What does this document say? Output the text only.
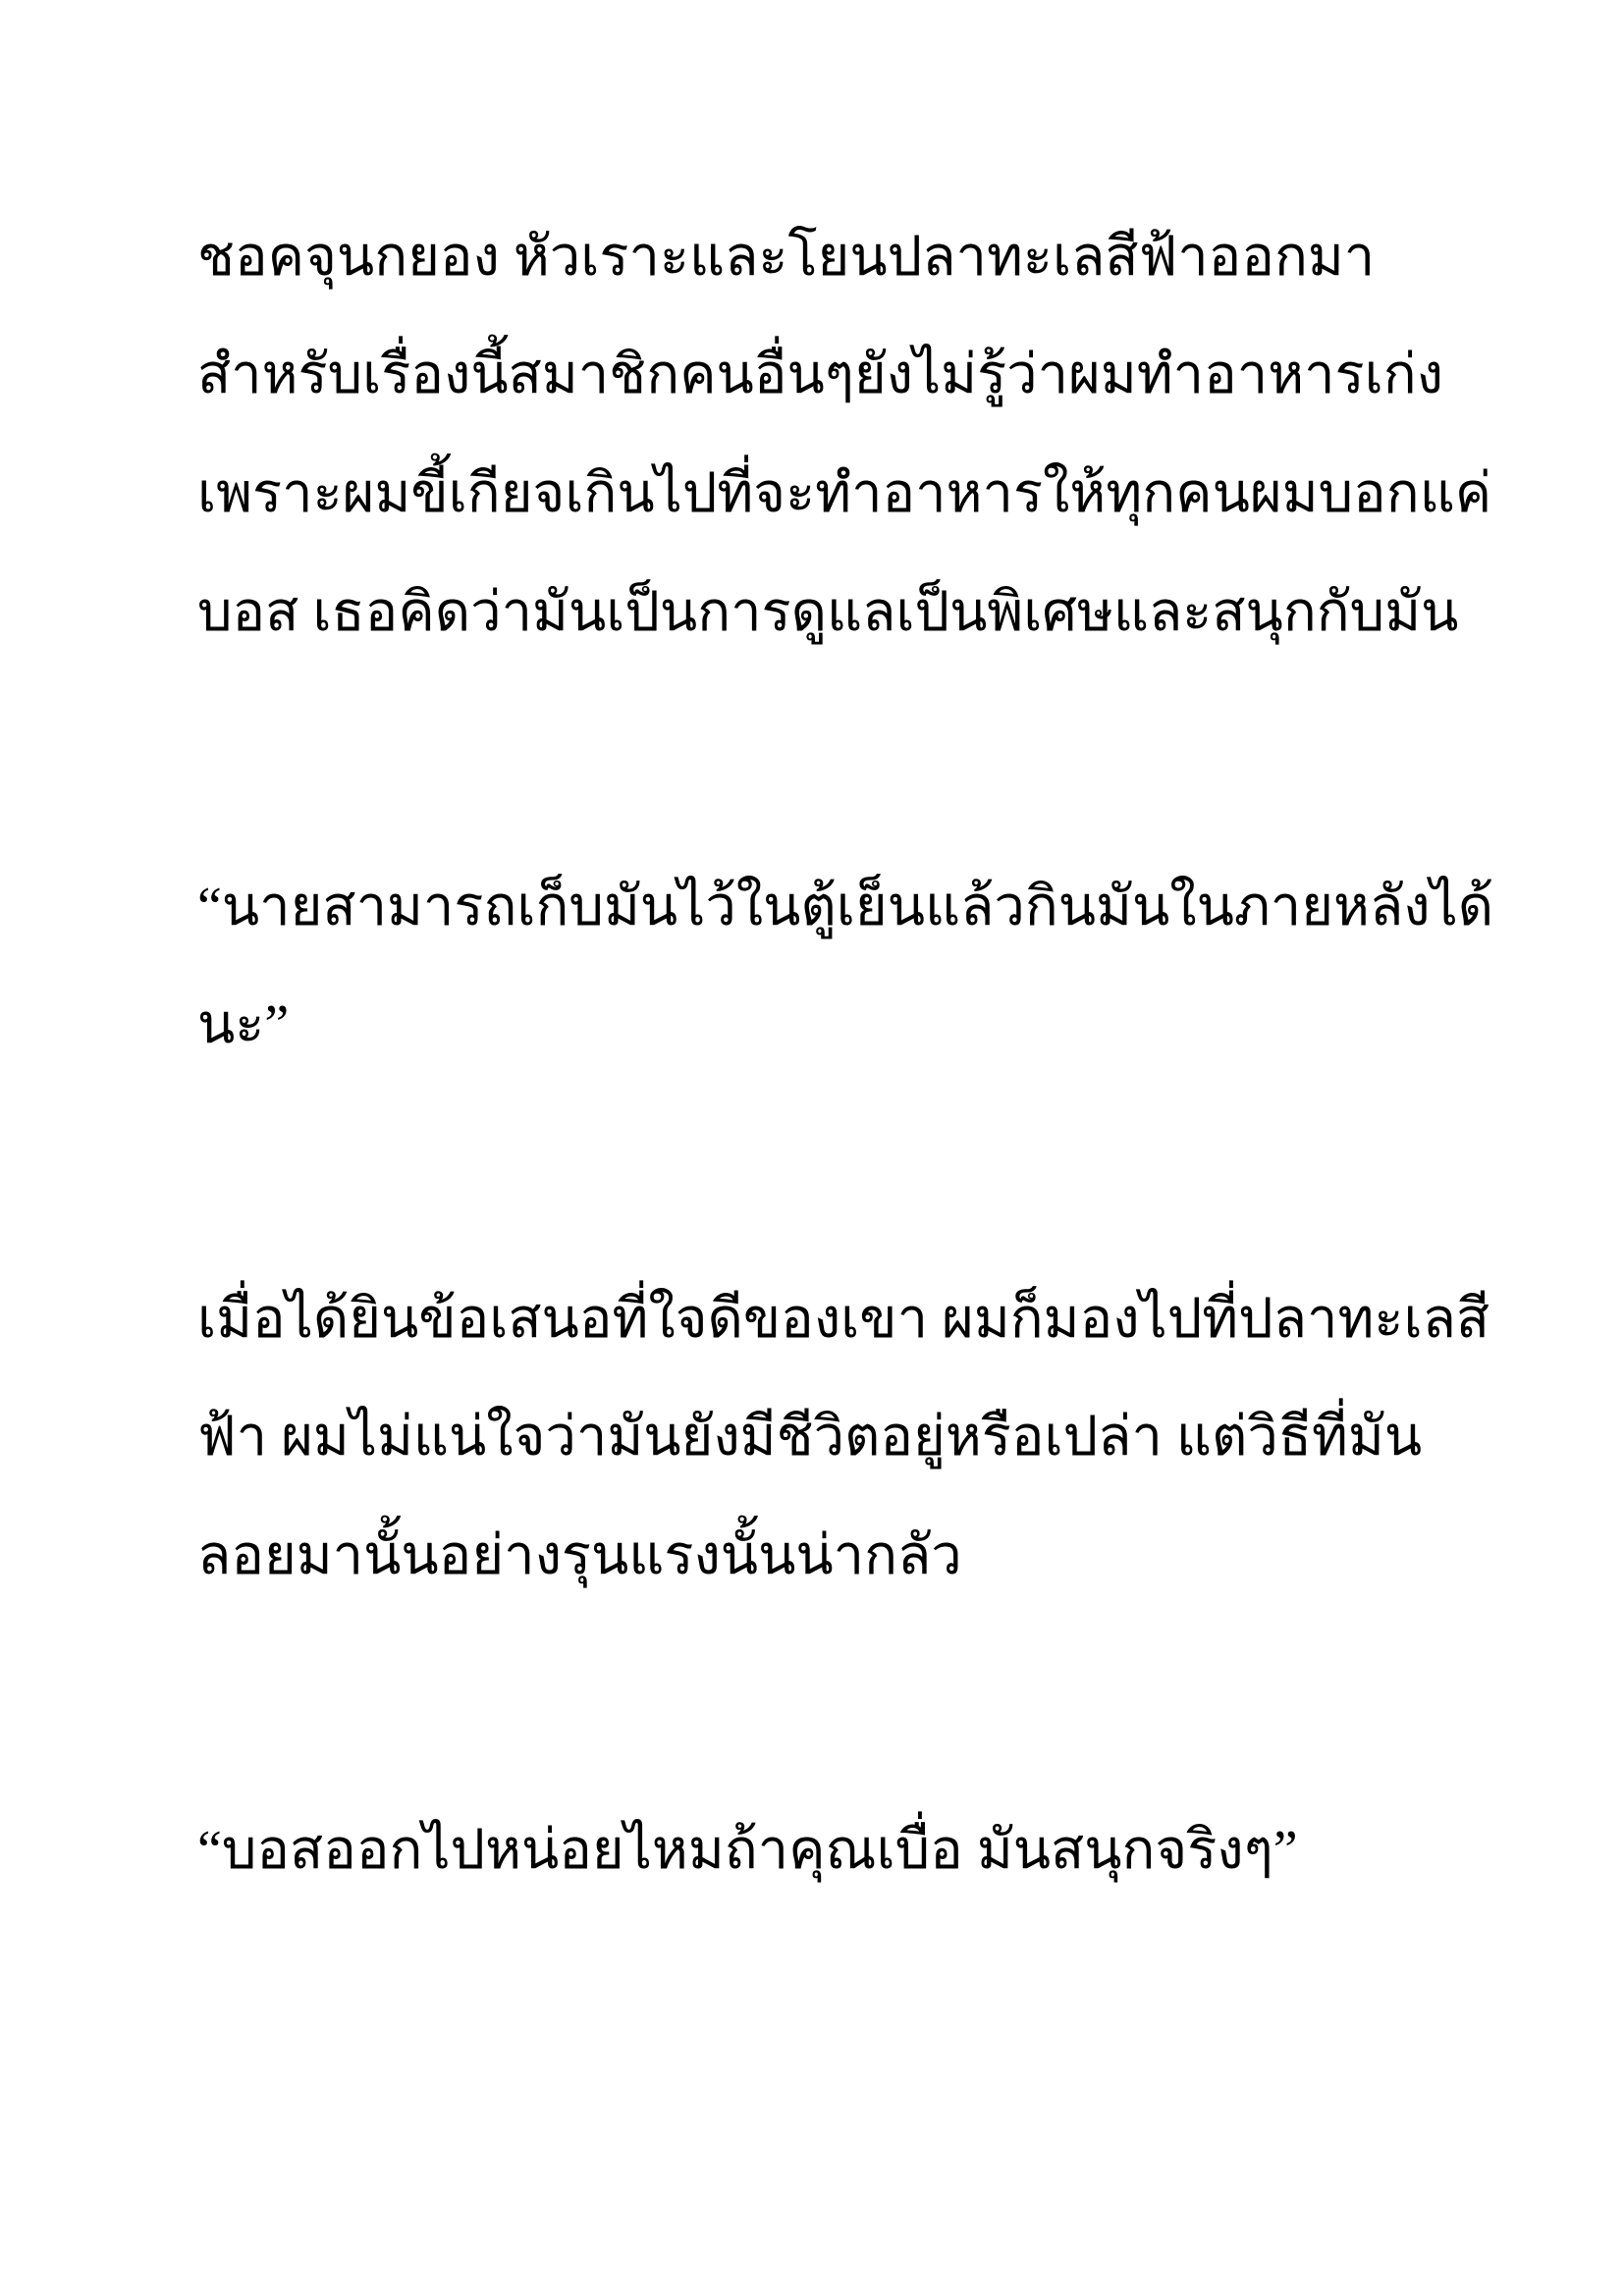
ชอคจุนกยอง หัวเราะและโยนปลาทะเลสีฟ้าออกมา

สำหรับเรื่องนี้สมาชิกคนอื่นๆยังไม่รู้ว่าผมทำอาหารเก่ง

เพราะผมขี้เกียจเกินไปที่จะทำอาหารให้ทุกคนผมบอกแค่

บอส เธอคิดว่ามันเป็นการดูแลเป็นพิเศษและสนุกกับมัน

“นายสามารถเก็บมันไว้ในตู้เย็นแล้วกินมันในภายหลังได้

นะ”

เมื่อได้ยินข้อเสนอที่ใจดีของเขา ผมก็มองไปที่ปลาทะเลสี

ฟ้า ผมไม่แน่ใจว่ามันยังมีชีวิตอยู่หรือเปล่า แต่วิธีที่มัน

ลอยมานั้นอย่างรุนแรงนั้นน่ากลัว

“บอสออกไปหน่อยไหมถ้าคุณเบื่อ มันสนุกจริงๆ”
